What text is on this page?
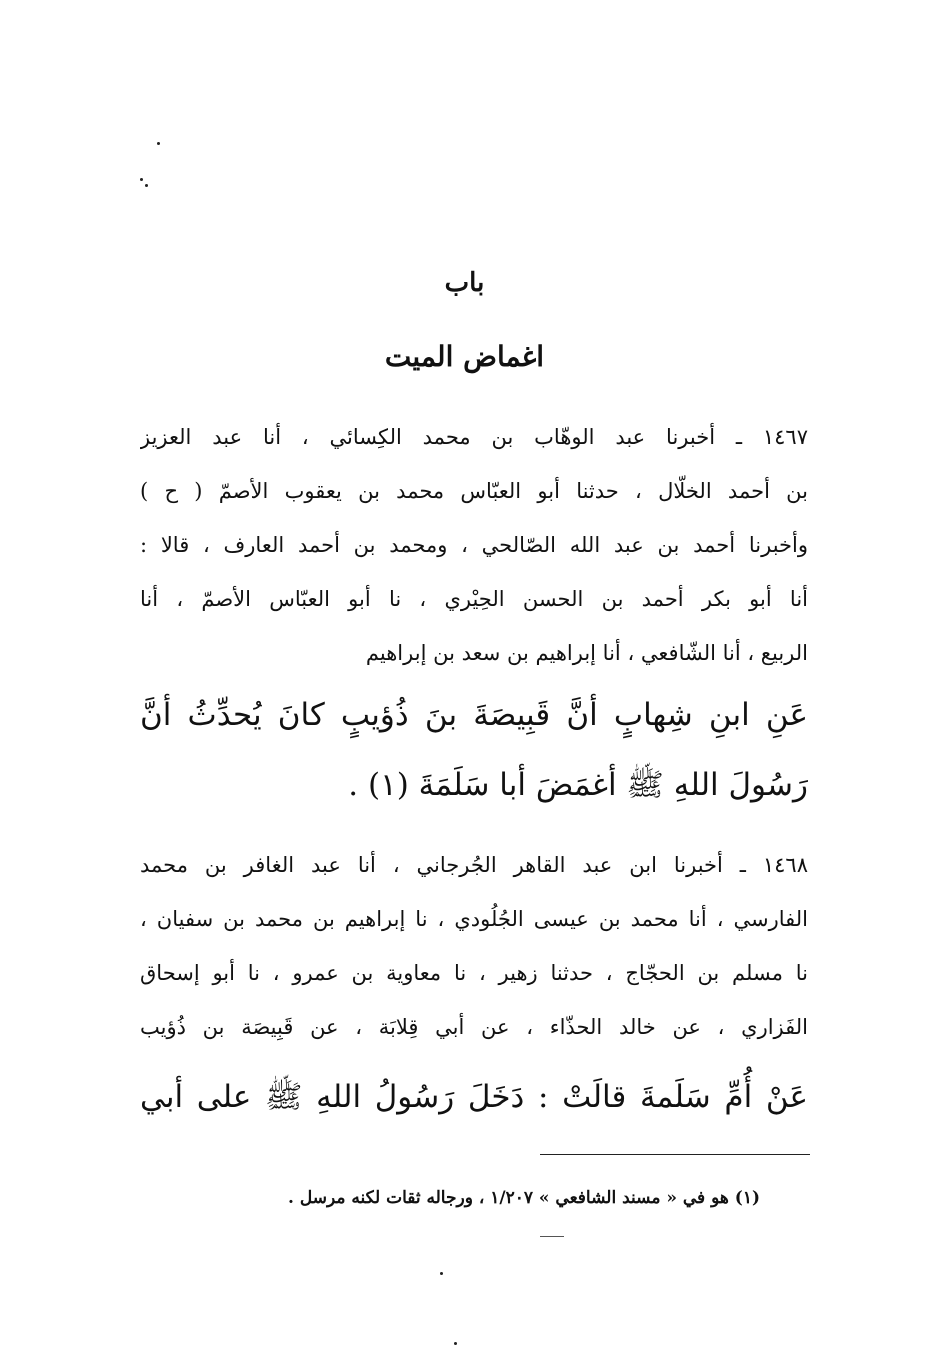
باب
اغماض الميت
١٤٦٧ ـ أخبرنا عبد الوهّاب بن محمد الكِسائي ، أنا عبد العزيز
بن أحمد الخلّال ، حدثنا أبو العبّاس محمد بن يعقوب الأصمّ ( ح )
وأخبرنا أحمد بن عبد الله الصّالحي ، ومحمد بن أحمد العارف ، قالا :
أنا أبو بكر أحمد بن الحسن الحِيْري ، نا أبو العبّاس الأصمّ ، أنا
الربيع ، أنا الشّافعي ، أنا إبراهيم بن سعد بن إبراهيم
عَنِ ابنِ شِهابٍ أنَّ قَبِيصَةَ بنَ ذُؤيبٍ كانَ يُحدِّثُ أنَّ
رَسُولَ اللهِ ﷺ أغمَضَ أبا سَلَمَةَ (١) .
١٤٦٨ ـ أخبرنا ابن عبد القاهر الجُرجاني ، أنا عبد الغافر بن محمد
الفارسي ، أنا محمد بن عيسى الجُلُودي ، نا إبراهيم بن محمد بن سفيان ،
نا مسلم بن الحجّاج ، حدثنا زهير ، نا معاوية بن عمرو ، نا أبو إسحاق
الفَزاري ، عن خالد الحذّاء ، عن أبي قِلابَة ، عن قَبِيصَة بن ذُؤيب
عَنْ أُمِّ سَلَمةَ قالَتْ : دَخَلَ رَسُولُ اللهِ ﷺ على أبي
(١) هو في « مسند الشافعي » ١/٢٠٧ ، ورجاله ثقات لكنه مرسل .
